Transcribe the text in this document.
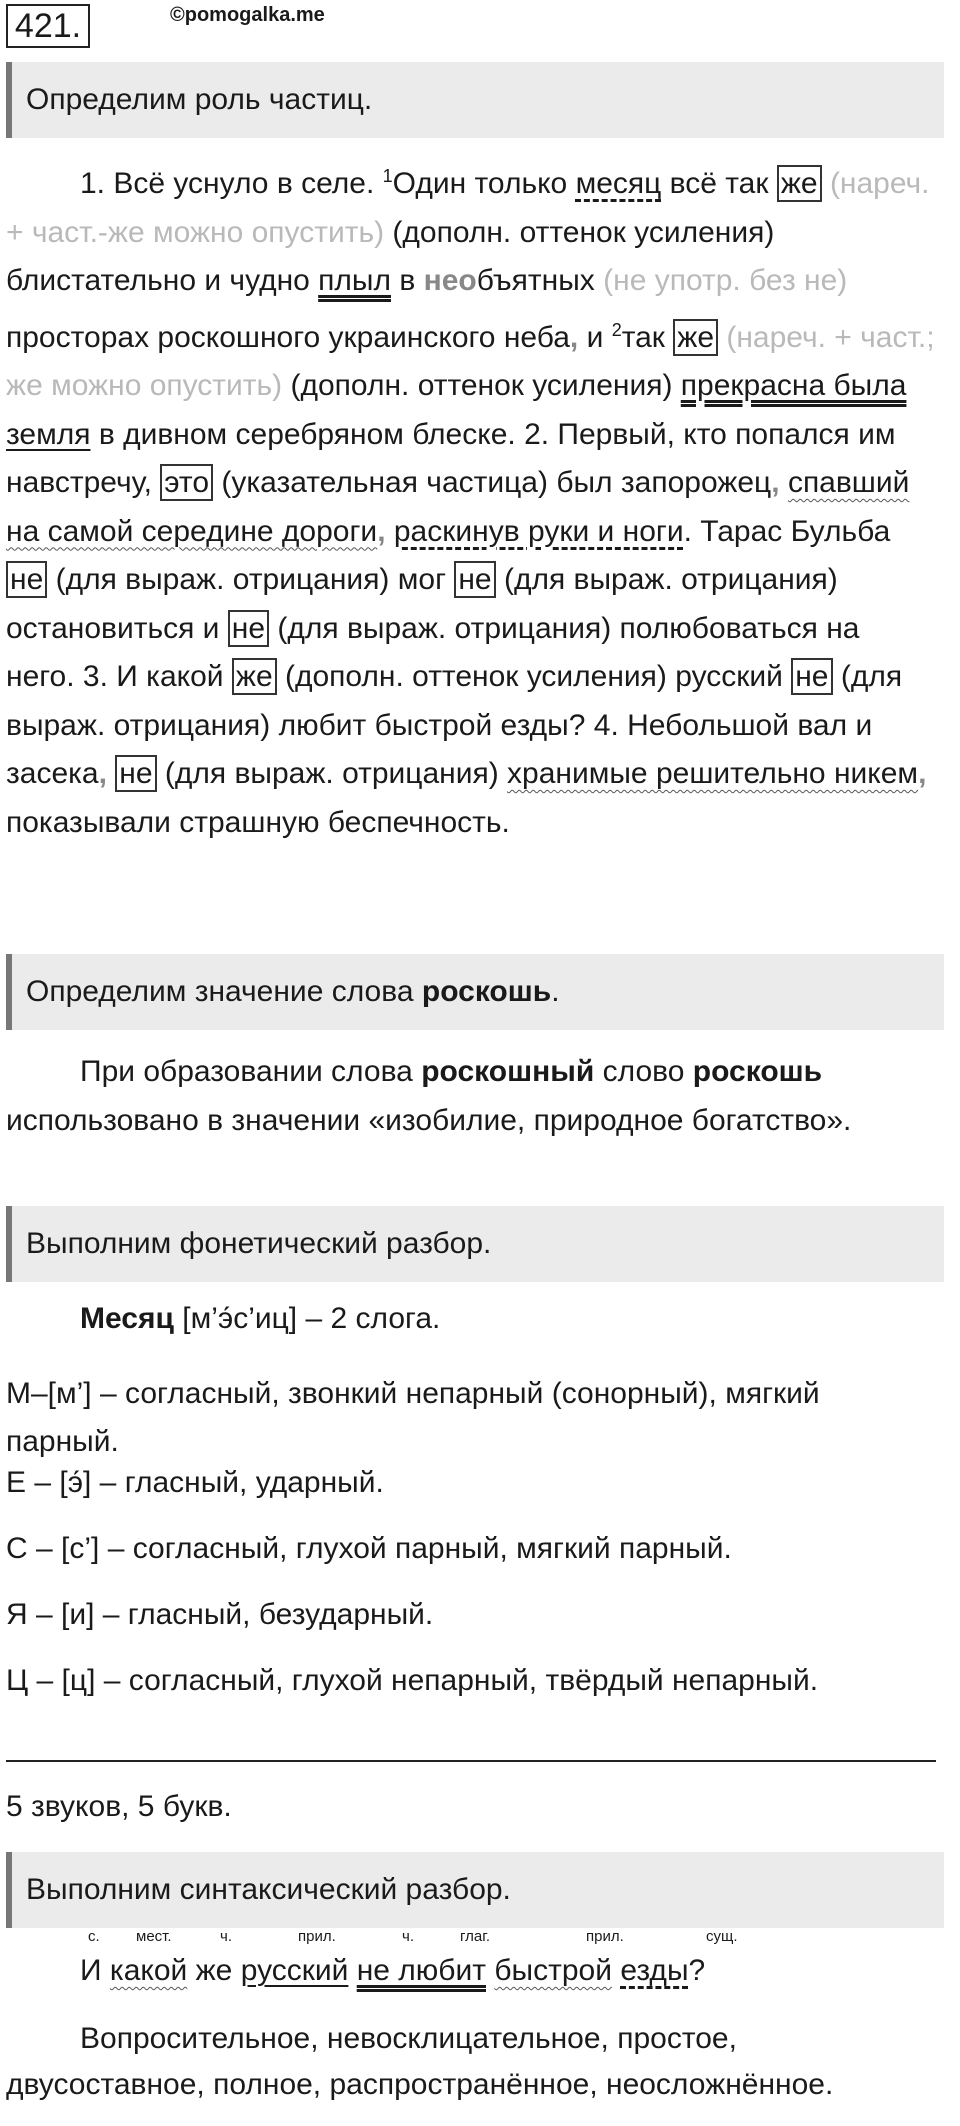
421.	©pomogalka.me
Определим роль частиц.

1. Всё уснуло в селе. $^1$Один только месяц всё так же (нареч. + част.-же можно опустить) (дополн. оттенок усиления) блистательно и чудно плыл в необъятных (не употр. без не) просторах роскошного украинского неба, и $^2$так же (нареч. + част.; же можно опустить) (дополн. оттенок усиления) прекрасна была земля в дивном серебряном блеске. 2. Первый, кто попался им навстречу, это (указательная частица) был запорожец, спавший на самой середине дороги, раскинув руки и ноги. Тарас Бульба не (для выраж. отрицания) мог не (для выраж. отрицания) остановиться и не (для выраж. отрицания) полюбоваться на него. 3. И какой же (дополн. оттенок усиления) русский не (для выраж. отрицания) любит быстрой езды? 4. Небольшой вал и засека, не (для выраж. отрицания) хранимые решительно никем, показывали страшную беспечность.

Определим значение слова
роскошь .

При образовании слова роскошный слово роскошь использовано в значении «изобилие, природное богатство».

Выполним фонетический разбор.

Месяц [м’э́с’иц] – 2 слога.

М–[м’] – согласный, звонкий непарный (сонорный), мягкий парный.

Е – [э́] – гласный, ударный.

С – [с’] – согласный, глухой парный, мягкий парный.

Я – [и] – гласный, безударный.

Ц – [ц] – согласный, глухой непарный, твёрдый непарный.

5 звуков, 5 букв.

Выполним синтаксический разбор.
с. мест.	ч.	прил.	ч.	глаг.	прил.	сущ.

И какой же русский не любит быстрой езды?

Вопросительное, невосклицательное, простое, двусоставное, полное, распространённое, неосложнённое.
